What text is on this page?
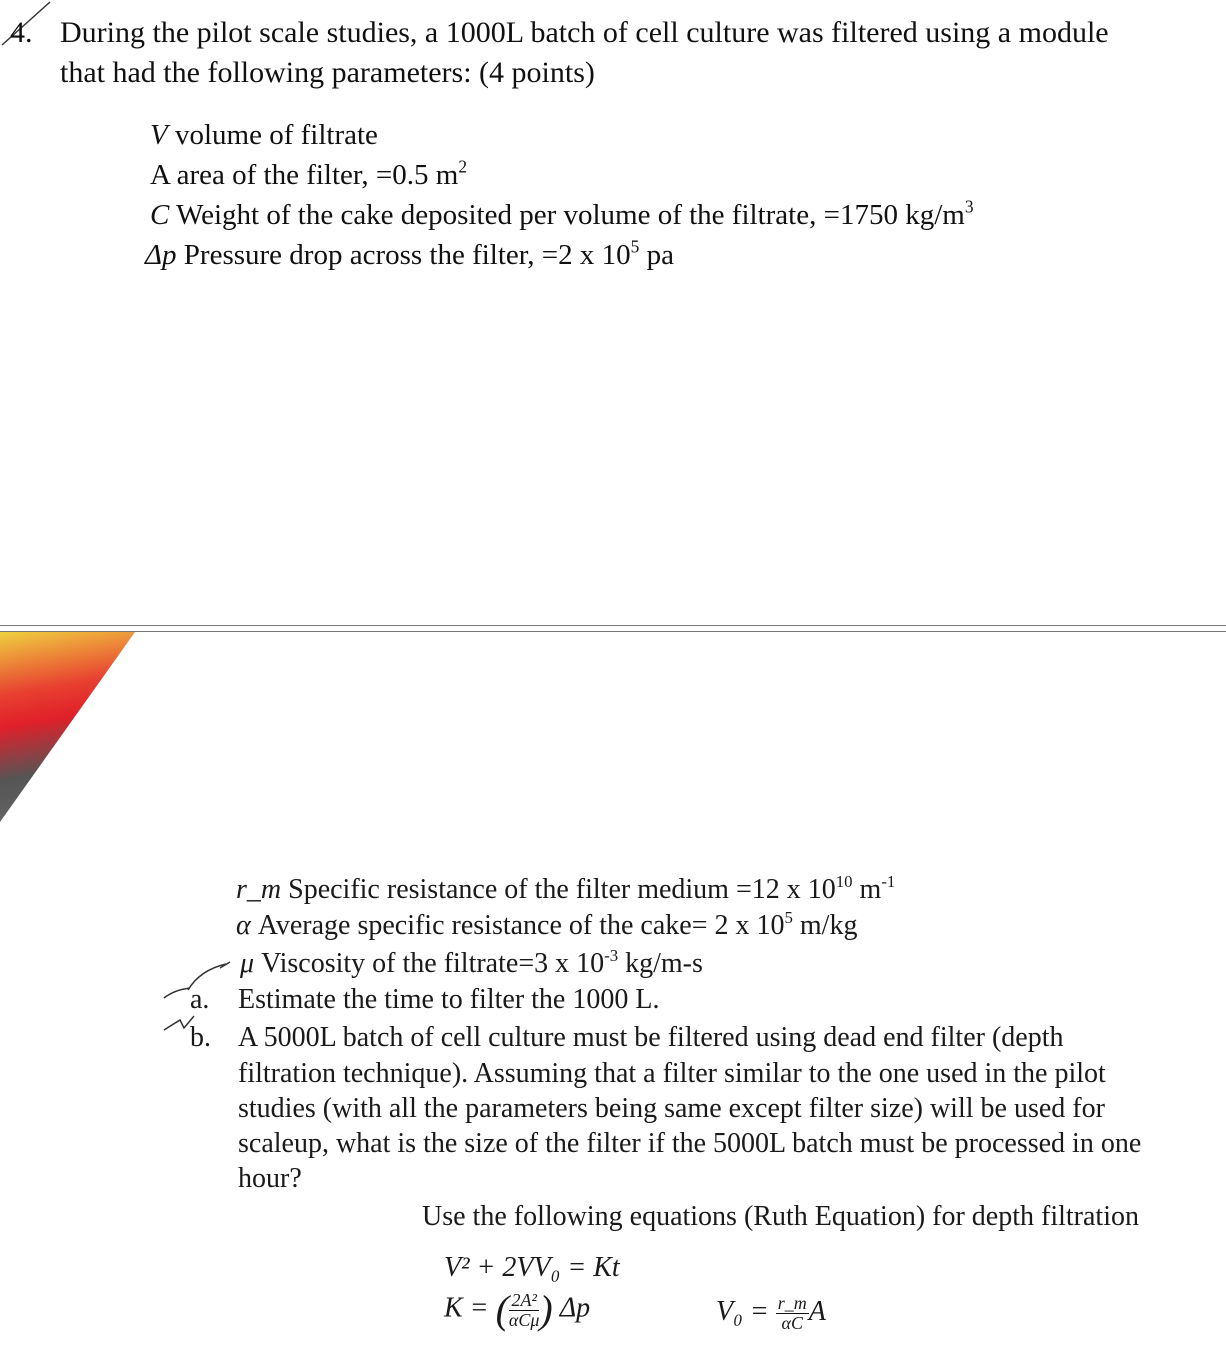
4. During the pilot scale studies, a 1000L batch of cell culture was filtered using a module
that had the following parameters: (4 points)
V volume of filtrate
A area of the filter, =0.5 $m^2$
C Weight of the cake deposited per volume of the filtrate, =1750 $kg/m^3$
Δp Pressure drop across the filter, =2 x $10^5$ pa
r_m Specific resistance of the filter medium =12 x $10^{10}$ $m^{-1}$
α Average specific resistance of the cake= 2 x $10^5$ m/kg
μ Viscosity of the filtrate=3 x $10^{-3}$ kg/m-s
a. Estimate the time to filter the 1000 L.
b. A 5000L batch of cell culture must be filtered using dead end filter (depth
filtration technique). Assuming that a filter similar to the one used in the pilot
studies (with all the parameters being same except filter size) will be used for
scaleup, what is the size of the filter if the 5000L batch must be processed in one
hour?
Use the following equations (Ruth Equation) for depth filtration
V² + 2VV₀ = Kt
K = ( $\frac{\text{2A²}}{\text{αCμ}}$ ) Δp	$V_0 = \frac{r\_m}{\alpha C}$ A
